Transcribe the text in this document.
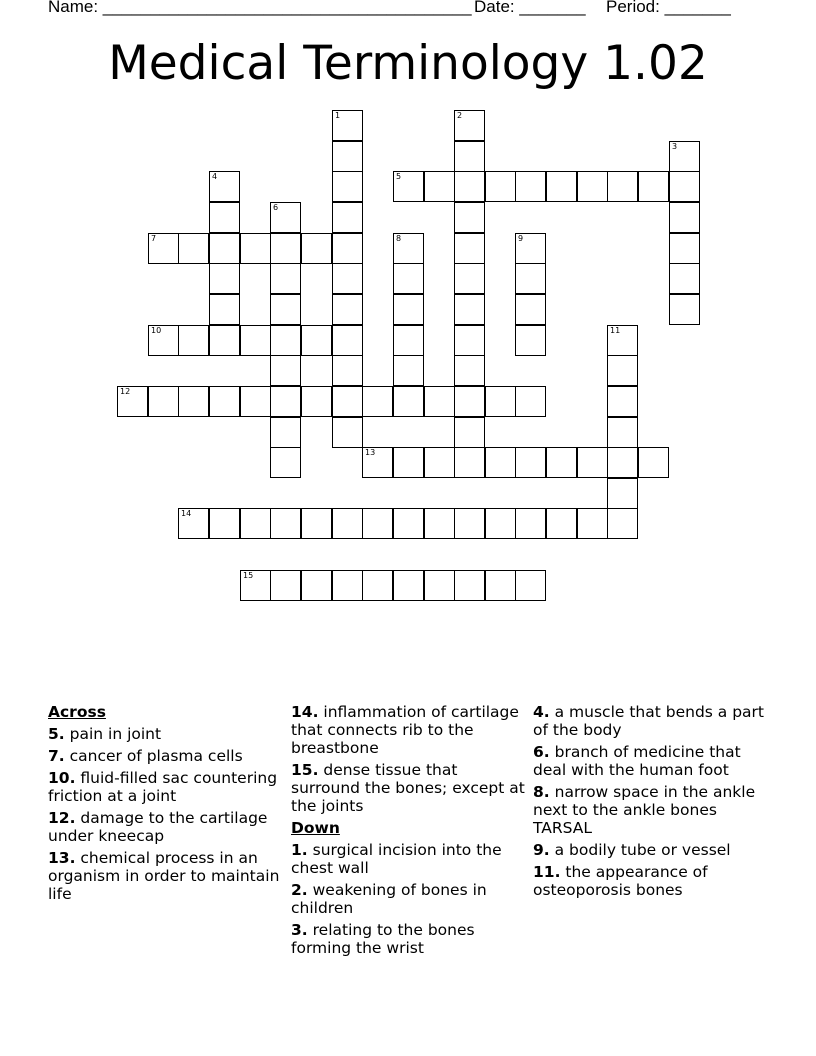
Name: _______________________________________ Date: _______ Period: _______
Medical Terminology 1.02
1	2
3
4	5
6
7	8	9
10	11
12
13
14
15
Across
5. pain in joint
7. cancer of plasma cells
10. fluid-filled sac countering friction at a joint
12. damage to the cartilage under kneecap
13. chemical process in an organism in order to maintain life
14. inflammation of cartilage that connects rib to the breastbone
15. dense tissue that surround the bones; except at the joints
Down
1. surgical incision into the chest wall
2. weakening of bones in children
3. relating to the bones forming the wrist
4. a muscle that bends a part of the body
6. branch of medicine that deal with the human foot
8. narrow space in the ankle next to the ankle bones TARSAL
9. a bodily tube or vessel
11. the appearance of osteoporosis bones
